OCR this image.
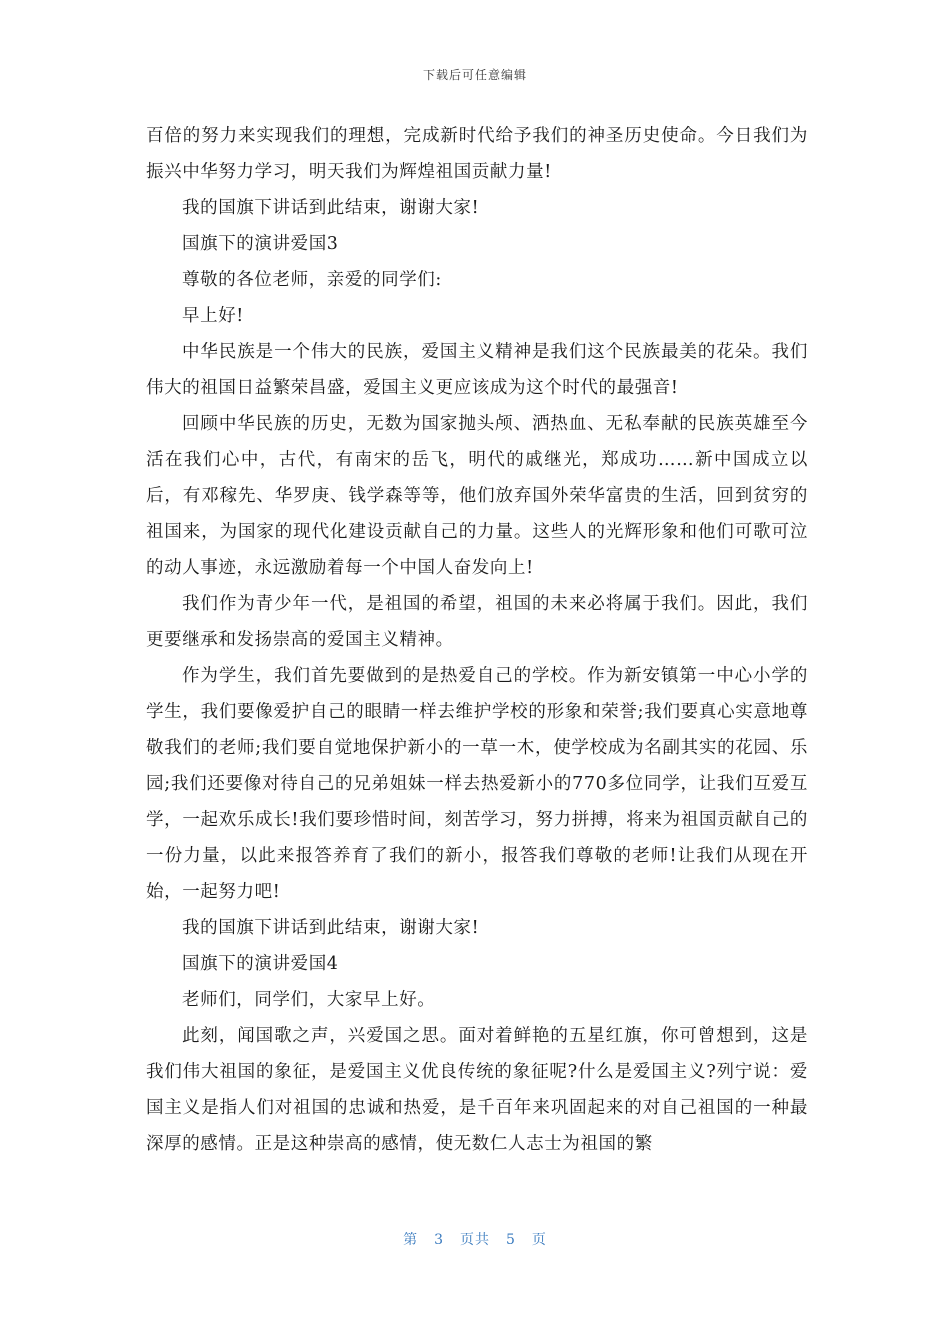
下载后可任意编辑

百倍的努力来实现我们的理想，完成新时代给予我们的神圣历史使命。今日我们为振兴中华努力学习，明天我们为辉煌祖国贡献力量!

我的国旗下讲话到此结束，谢谢大家!

国旗下的演讲爱国3

尊敬的各位老师，亲爱的同学们:

早上好!

中华民族是一个伟大的民族，爱国主义精神是我们这个民族最美的花朵。我们伟大的祖国日益繁荣昌盛，爱国主义更应该成为这个时代的最强音!

回顾中华民族的历史，无数为国家抛头颅、洒热血、无私奉献的民族英雄至今活在我们心中，古代，有南宋的岳飞，明代的戚继光，郑成功……新中国成立以后，有邓稼先、华罗庚、钱学森等等，他们放弃国外荣华富贵的生活，回到贫穷的祖国来，为国家的现代化建设贡献自己的力量。这些人的光辉形象和他们可歌可泣的动人事迹，永远激励着每一个中国人奋发向上!

我们作为青少年一代，是祖国的希望，祖国的未来必将属于我们。因此，我们更要继承和发扬崇高的爱国主义精神。

作为学生，我们首先要做到的是热爱自己的学校。作为新安镇第一中心小学的学生，我们要像爱护自己的眼睛一样去维护学校的形象和荣誉;我们要真心实意地尊敬我们的老师;我们要自觉地保护新小的一草一木，使学校成为名副其实的花园、乐园;我们还要像对待自己的兄弟姐妹一样去热爱新小的770多位同学，让我们互爱互学，一起欢乐成长!我们要珍惜时间，刻苦学习，努力拼搏，将来为祖国贡献自己的一份力量，以此来报答养育了我们的新小，报答我们尊敬的老师!让我们从现在开始，一起努力吧!

我的国旗下讲话到此结束，谢谢大家!

国旗下的演讲爱国4

老师们，同学们，大家早上好。

此刻，闻国歌之声，兴爱国之思。面对着鲜艳的五星红旗，你可曾想到，这是我们伟大祖国的象征，是爱国主义优良传统的象征呢?什么是爱国主义?列宁说：爱国主义是指人们对祖国的忠诚和热爱，是千百年来巩固起来的对自己祖国的一种最深厚的感情。正是这种崇高的感情，使无数仁人志士为祖国的繁

第 3 页共 5 页
